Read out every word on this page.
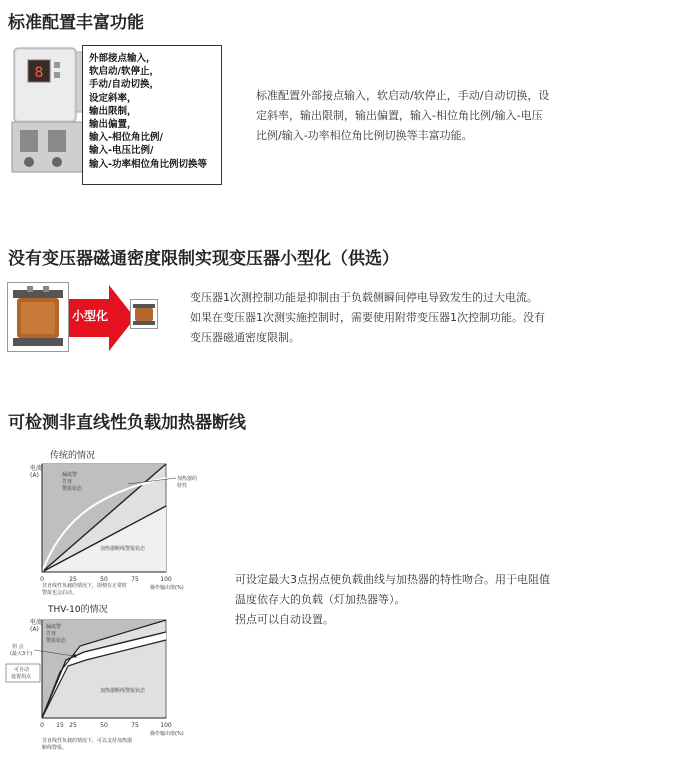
标准配置丰富功能
8
外部接点输入，
软启动/软停止，
手动/自动切换，
设定斜率，
输出限制，
输出偏置，
输入-相位角比例/
输入-电压比例/
输入-功率相位角比例切换等
标准配置外部接点输入，软启动/软停止，手动/自动切换，设
定斜率，输出限制，输出偏置，输入-相位角比例/输入-电压
比例/输入-功率相位角比例切换等丰富功能。
没有变压器磁通密度限制实现变压器小型化（供选）
小型化
变压器1次测控制功能是抑制由于负载侧瞬间停电导致发生的过大电流。
如果在变压器1次测实施控制时，需要使用附带变压器1次控制功能。没有
变压器磁通密度限制。
可检测非直线性负载加热器断线
传统的情况
电流
(A)
0	25	50	75	100
操作输出值(%)
漏流警
告容
警报状态
加热器断线警报状态
加热器的
特性
非直线性负载的情况下，即便在正常时
警报也会启动。
THV-10的情况
电流
(A)
0 15 25	50	75	100
操作输出值(%)
漏流警
告容
警报状态
加热器断线警报状态
拐 点
(最大3个)
可自动
设置拐点
非直线性负载的情况下，可以支持加热器
断线警报。
可设定最大3点拐点使负载曲线与加热器的特性吻合。用于电阻值
温度依存大的负载（灯加热器等）。
拐点可以自动设置。
